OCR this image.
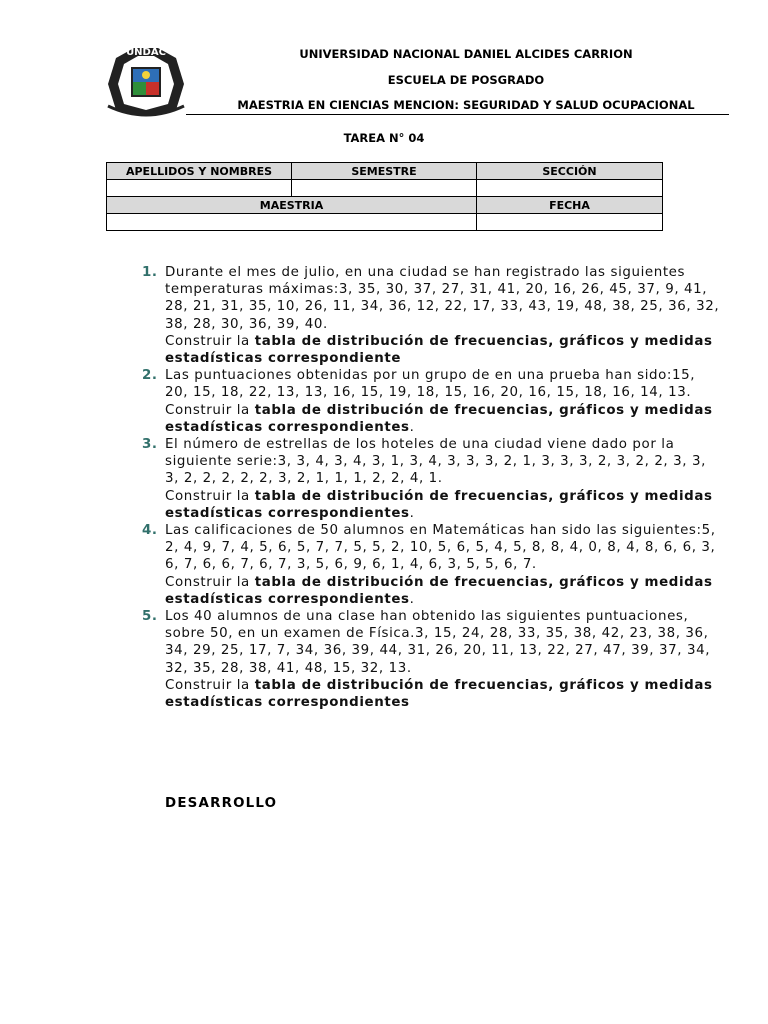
UNDAC	UNIVERSIDAD NACIONAL DANIEL ALCIDES CARRION
ESCUELA DE POSGRADO
MAESTRIA EN CIENCIAS MENCION: SEGURIDAD Y SALUD OCUPACIONAL
TAREA N° 04
APELLIDOS Y NOMBRES	SEMESTRE	SECCIÓN

MAESTRIA		FECHA

1. Durante el mes de julio, en una ciudad se han registrado las siguientes temperaturas máximas:3, 35, 30, 37, 27, 31, 41, 20, 16, 26, 45, 37, 9, 41, 28, 21, 31, 35, 10, 26, 11, 34, 36, 12, 22, 17, 33, 43, 19, 48, 38, 25, 36, 32, 38, 28, 30, 36, 39, 40.
Construir la tabla de distribución de frecuencias, gráficos y medidas estadísticas correspondiente
2. Las puntuaciones obtenidas por un grupo de en una prueba han sido:15, 20, 15, 18, 22, 13, 13, 16, 15, 19, 18, 15, 16, 20, 16, 15, 18, 16, 14, 13.
Construir la tabla de distribución de frecuencias, gráficos y medidas estadísticas correspondientes.
3. El número de estrellas de los hoteles de una ciudad viene dado por la siguiente serie:3, 3, 4, 3, 4, 3, 1, 3, 4, 3, 3, 3, 2, 1, 3, 3, 3, 2, 3, 2, 2, 3, 3, 3, 2, 2, 2, 2, 2, 3, 2, 1, 1, 1, 2, 2, 4, 1.
Construir la tabla de distribución de frecuencias, gráficos y medidas estadísticas correspondientes.
4. Las calificaciones de 50 alumnos en Matemáticas han sido las siguientes:5, 2, 4, 9, 7, 4, 5, 6, 5, 7, 7, 5, 5, 2, 10, 5, 6, 5, 4, 5, 8, 8, 4, 0, 8, 4, 8, 6, 6, 3, 6, 7, 6, 6, 7, 6, 7, 3, 5, 6, 9, 6, 1, 4, 6, 3, 5, 5, 6, 7.
Construir la tabla de distribución de frecuencias, gráficos y medidas estadísticas correspondientes.
5. Los 40 alumnos de una clase han obtenido las siguientes puntuaciones, sobre 50, en un examen de Física.3, 15, 24, 28, 33, 35, 38, 42, 23, 38, 36, 34, 29, 25, 17, 7, 34, 36, 39, 44, 31, 26, 20, 11, 13, 22, 27, 47, 39, 37, 34, 32, 35, 28, 38, 41, 48, 15, 32, 13.
Construir la tabla de distribución de frecuencias, gráficos y medidas estadísticas correspondientes
DESARROLLO
